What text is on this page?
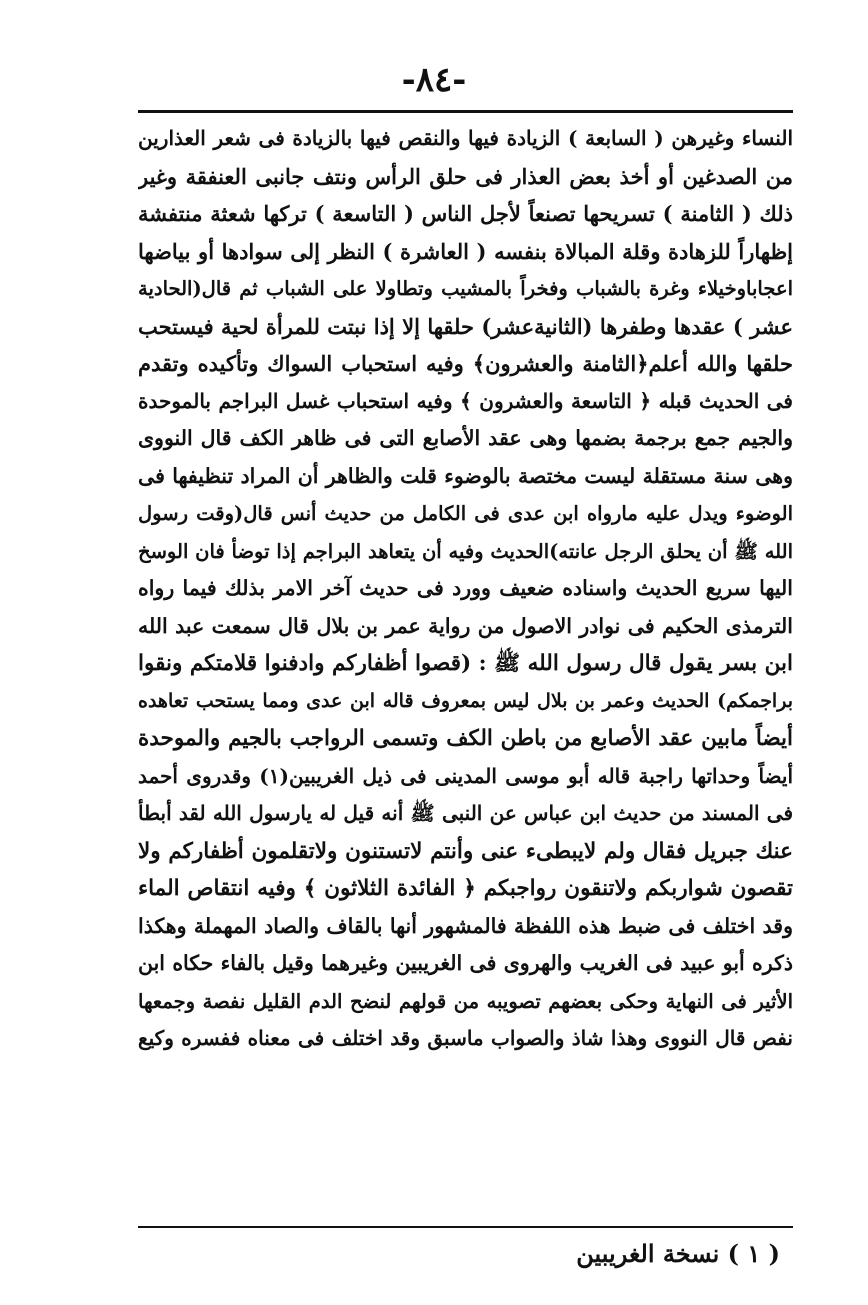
-٨٤-
النساء وغيرهن ( السابعة ) الزيادة فيها والنقص فيها بالزيادة فى شعر العذارين
من الصدغين أو أخذ بعض العذار فى حلق الرأس ونتف جانبى العنفقة وغير
ذلك ( الثامنة ) تسريحها تصنعاً لأجل الناس ( التاسعة ) تركها شعثة منتفشة
إظهاراً للزهادة وقلة المبالاة بنفسه ( العاشرة ) النظر إلى سوادها أو بياضها
اعجاباوخيلاء وغرة بالشباب وفخراً بالمشيب وتطاولا على الشباب ثم قال(الحادية
عشر ) عقدها وطفرها (الثانيةعشر) حلقها إلا إذا نبتت للمرأة لحية فيستحب
حلقها والله أعلم﴿الثامنة والعشرون﴾ وفيه استحباب السواك وتأكيده وتقدم
فى الحديث قبله ﴿ التاسعة والعشرون ﴾ وفيه استحباب غسل البراجم بالموحدة
والجيم جمع برجمة بضمها وهى عقد الأصابع التى فى ظاهر الكف قال النووى
وهى سنة مستقلة ليست مختصة بالوضوء قلت والظاهر أن المراد تنظيفها فى
الوضوء ويدل عليه مارواه ابن عدى فى الكامل من حديث أنس قال(وقت رسول
الله ﷺ أن يحلق الرجل عانته)الحديث وفيه أن يتعاهد البراجم إذا توضأ فان الوسخ
اليها سريع الحديث واسناده ضعيف وورد فى حديث آخر الامر بذلك فيما رواه
الترمذى الحكيم فى نوادر الاصول من رواية عمر بن بلال قال سمعت عبد الله
ابن بسر يقول قال رسول الله ﷺ : (قصوا أظفاركم وادفنوا قلامتكم ونقوا
براجمكم) الحديث وعمر بن بلال ليس بمعروف قاله ابن عدى ومما يستحب تعاهده
أيضاً مابين عقد الأصابع من باطن الكف وتسمى الرواجب بالجيم والموحدة
أيضاً وحداتها راجبة قاله أبو موسى المدينى فى ذيل الغريبين(١) وقدروى أحمد
فى المسند من حديث ابن عباس عن النبى ﷺ أنه قيل له يارسول الله لقد أبطأ
عنك جبريل فقال ولم لايبطىء عنى وأنتم لاتستنون ولاتقلمون أظفاركم ولا
تقصون شواربكم ولاتنقون رواجبكم ﴿ الفائدة الثلاثون ﴾ وفيه انتقاص الماء
وقد اختلف فى ضبط هذه اللفظة فالمشهور أنها بالقاف والصاد المهملة وهكذا
ذكره أبو عبيد فى الغريب والهروى فى الغريبين وغيرهما وقيل بالفاء حكاه ابن
الأثير فى النهاية وحكى بعضهم تصويبه من قولهم لنضح الدم القليل نفصة وجمعها
نفص قال النووى وهذا شاذ والصواب ماسبق وقد اختلف فى معناه ففسره وكيع
( ١ ) نسخة الغريبين
